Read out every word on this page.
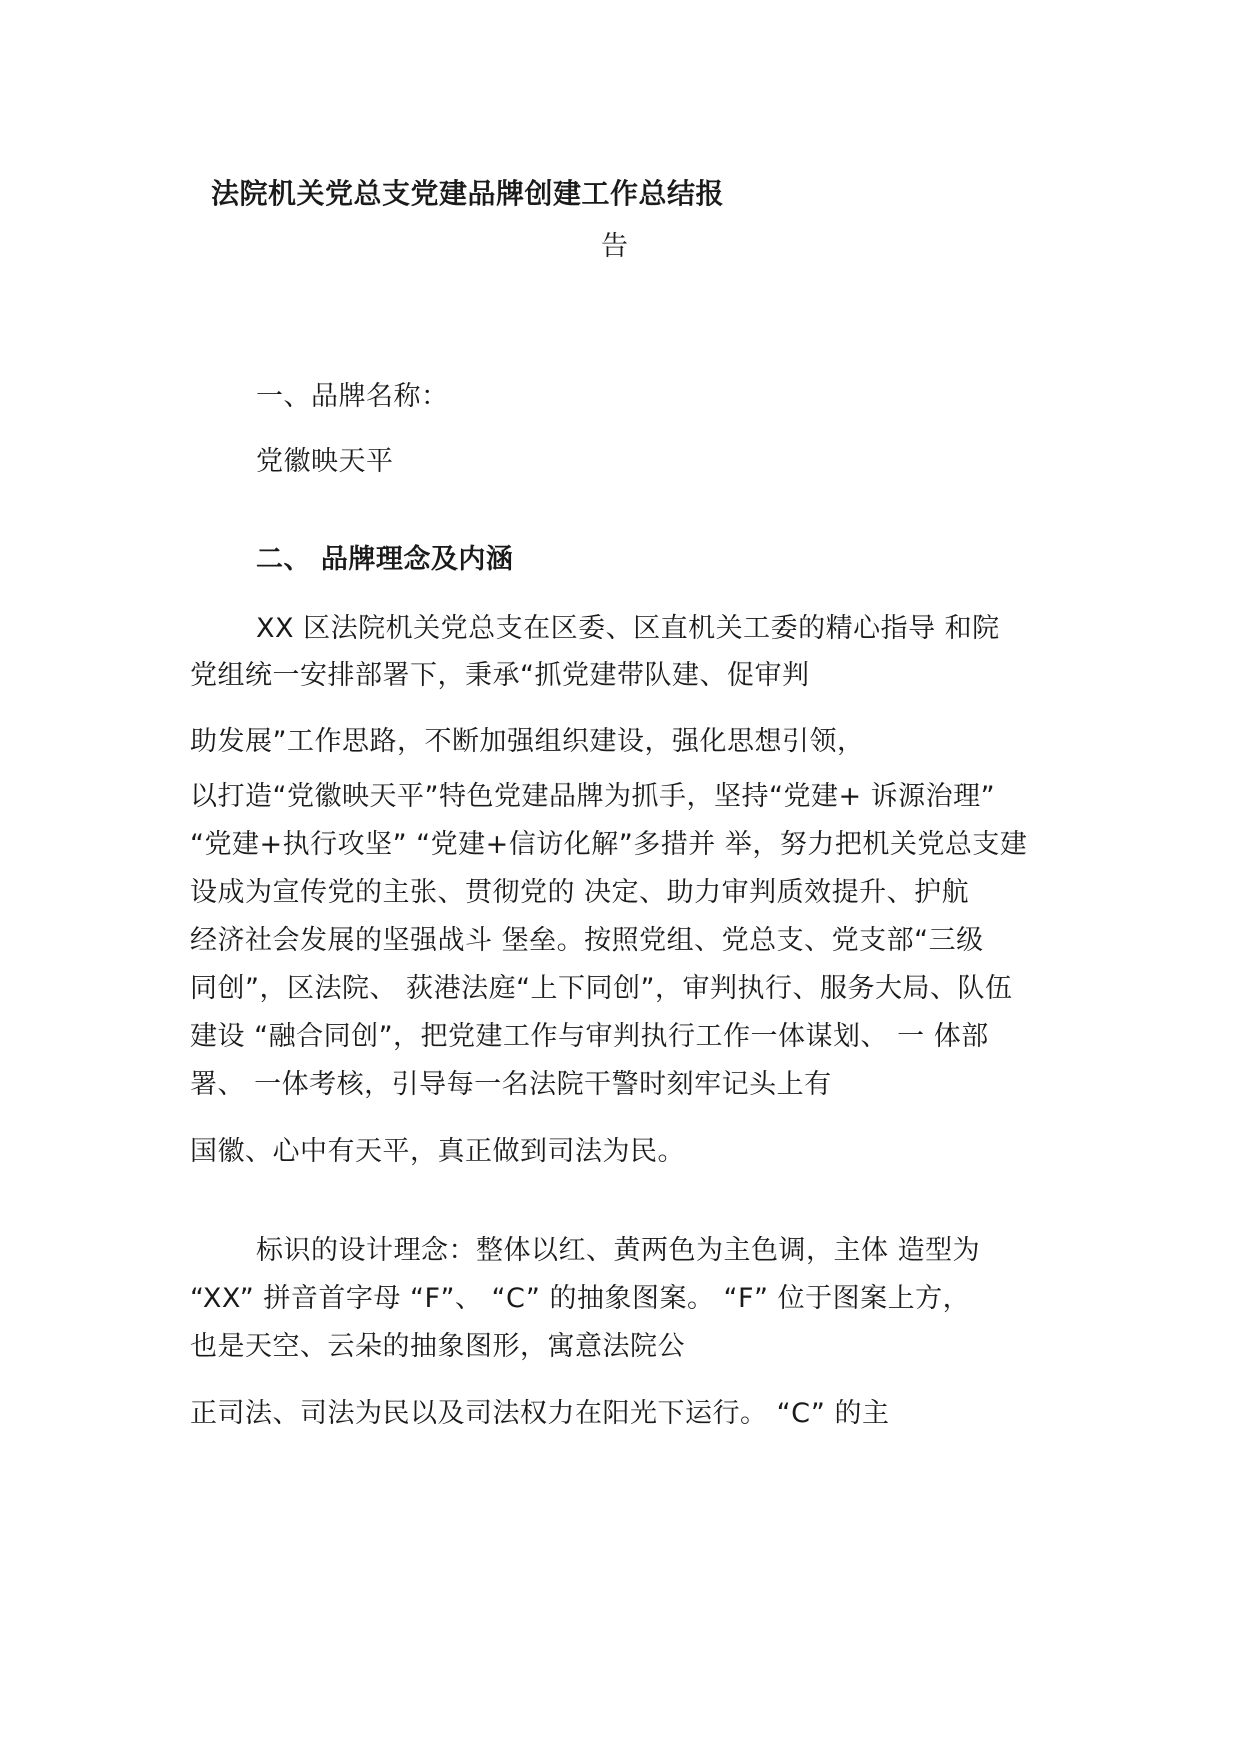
法院机关党总支党建品牌创建工作总结报
告
一、品牌名称：
党徽映天平
二、 品牌理念及内涵
XX 区法院机关党总支在区委、区直机关工委的精心指导 和院
党组统一安排部署下，秉承“抓党建带队建、促审判
助发展”工作思路，不断加强组织建设，强化思想引领，
以打造“党徽映天平”特色党建品牌为抓手，坚持“党建+ 诉源治理”
“党建+执行攻坚” “党建+信访化解”多措并 举，努力把机关党总支建
设成为宣传党的主张、贯彻党的 决定、助力审判质效提升、护航
经济社会发展的坚强战斗 堡垒。按照党组、党总支、党支部“三级
同创”，区法院、 荻港法庭“上下同创”，审判执行、服务大局、队伍
建设 “融合同创”，把党建工作与审判执行工作一体谋划、 一 体部
署、 一体考核，引导每一名法院干警时刻牢记头上有
国徽、心中有天平，真正做到司法为民。
标识的设计理念：整体以红、黄两色为主色调，主体 造型为
“XX” 拼音首字母 “F”、 “C” 的抽象图案。 “F” 位于图案上方，
也是天空、云朵的抽象图形，寓意法院公
正司法、司法为民以及司法权力在阳光下运行。 “C” 的主
